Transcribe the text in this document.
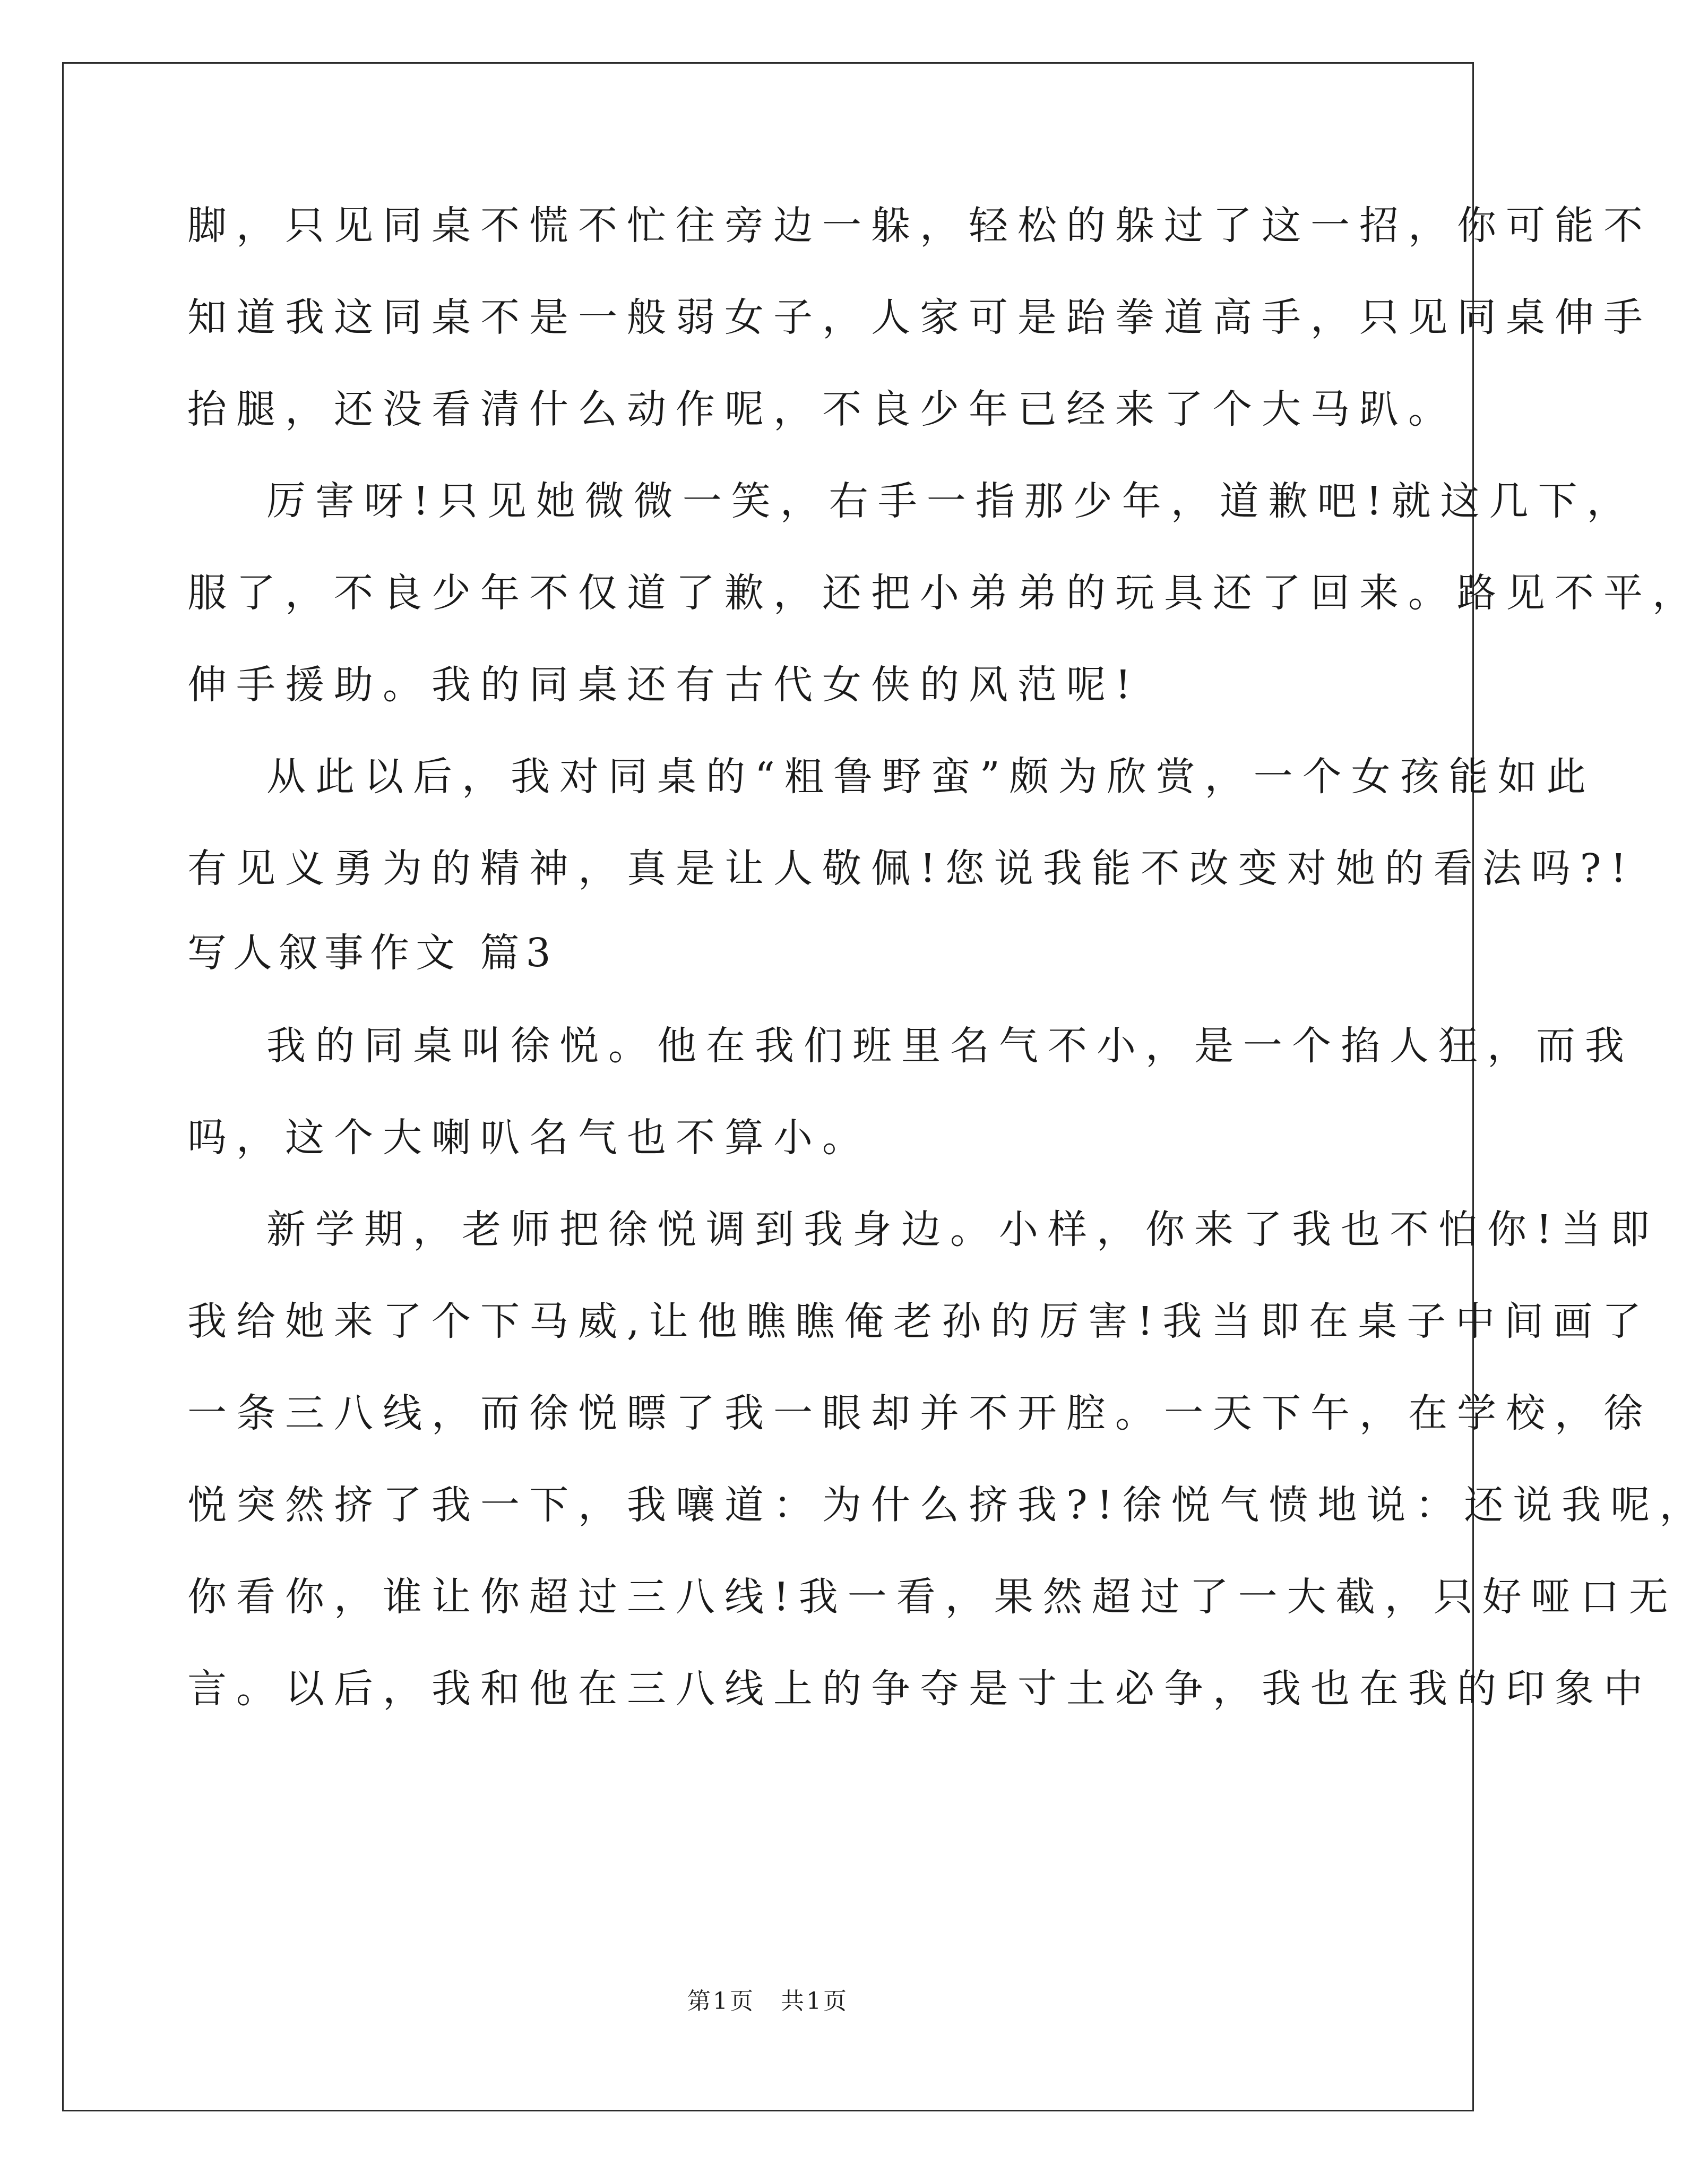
脚，只见同桌不慌不忙往旁边一躲，轻松的躲过了这一招，你可能不
知道我这同桌不是一般弱女子，人家可是跆拳道高手，只见同桌伸手
抬腿，还没看清什么动作呢，不良少年已经来了个大马趴。
厉害呀!只见她微微一笑，右手一指那少年，道歉吧!就这几下，
服了，不良少年不仅道了歉，还把小弟弟的玩具还了回来。路见不平，
伸手援助。我的同桌还有古代女侠的风范呢!
从此以后，我对同桌的“粗鲁野蛮”颇为欣赏，一个女孩能如此
有见义勇为的精神，真是让人敬佩!您说我能不改变对她的看法吗?!
写人叙事作文 篇3
我的同桌叫徐悦。他在我们班里名气不小，是一个掐人狂，而我
吗，这个大喇叭名气也不算小。
新学期，老师把徐悦调到我身边。小样，你来了我也不怕你!当即
我给她来了个下马威,让他瞧瞧俺老孙的厉害!我当即在桌子中间画了
一条三八线，而徐悦瞟了我一眼却并不开腔。一天下午，在学校，徐
悦突然挤了我一下，我嚷道：为什么挤我?!徐悦气愤地说：还说我呢，
你看你，谁让你超过三八线!我一看，果然超过了一大截，只好哑口无
言。以后，我和他在三八线上的争夺是寸土必争，我也在我的印象中
第1页　共1页
